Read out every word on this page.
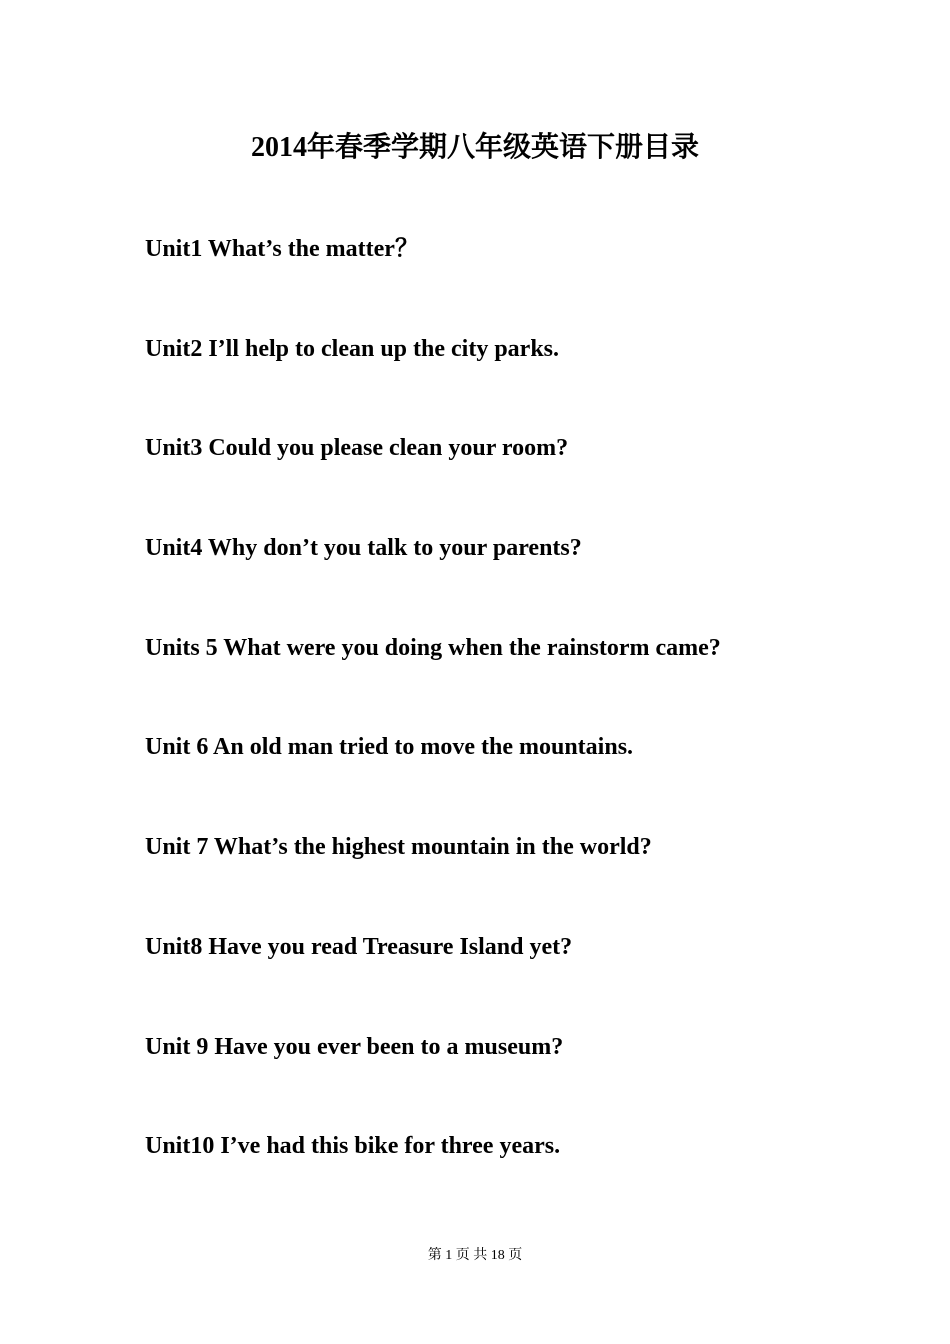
2014年春季学期八年级英语下册目录
Unit1 What’s the matter？
Unit2 I’ll help to clean up the city parks.
Unit3 Could you please clean your room?
Unit4 Why don’t you talk to your parents?
Units 5 What were you doing when the rainstorm came?
Unit 6 An old man tried to move the mountains.
Unit 7 What’s the highest mountain in the world?
Unit8 Have you read Treasure Island yet?
Unit 9 Have you ever been to a museum?
Unit10 I’ve had this bike for three years.
第 1 页 共 18 页
